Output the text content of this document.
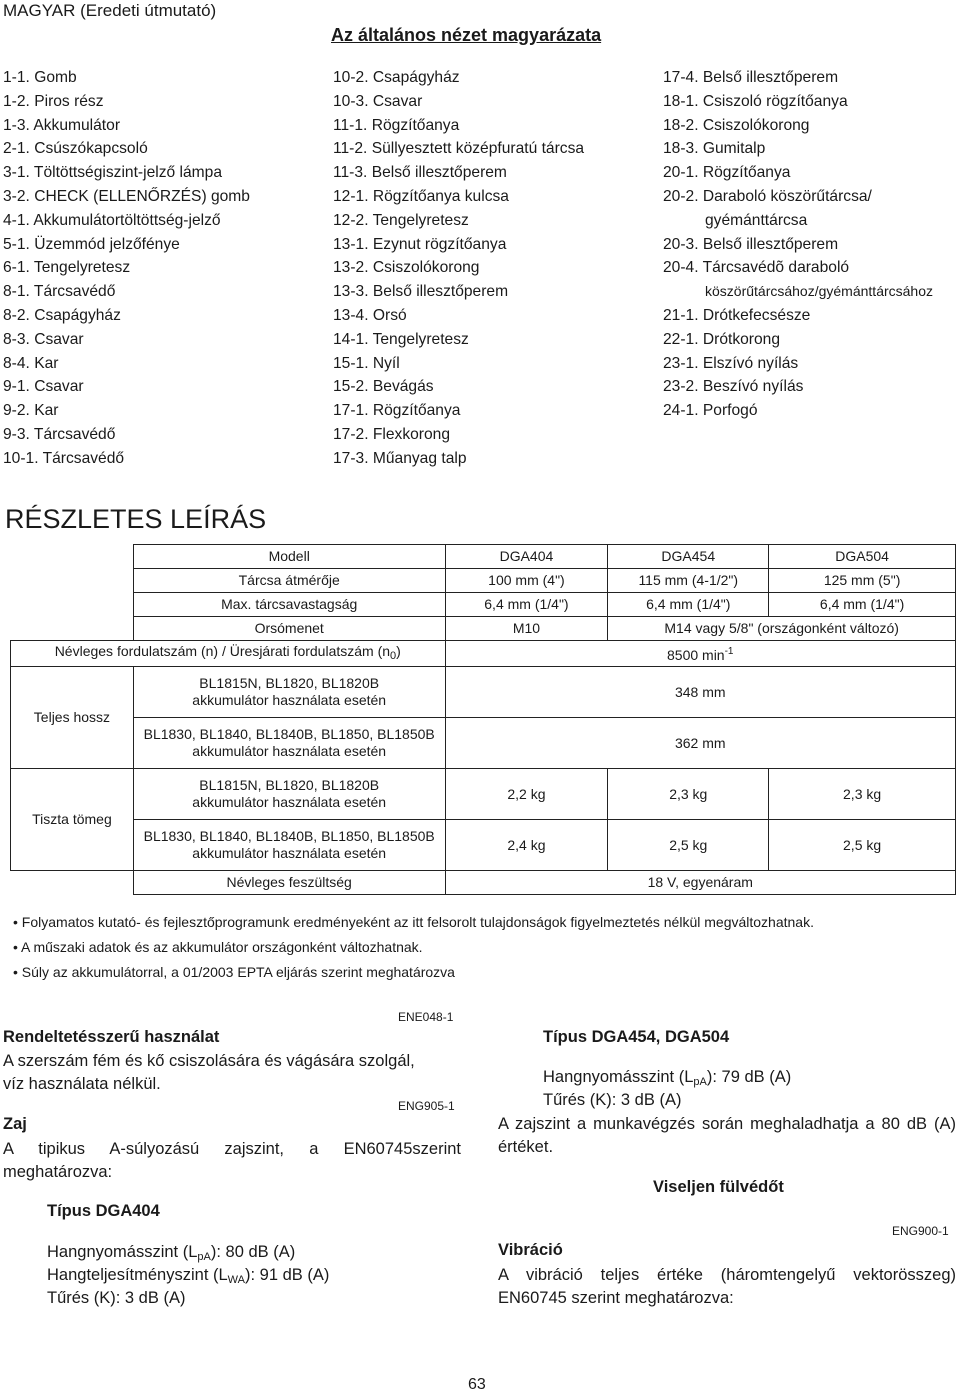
MAGYAR (Eredeti útmutató)
Az általános nézet magyarázata
1-1. Gomb
1-2. Piros rész
1-3. Akkumulátor
2-1. Csúszókapcsoló
3-1. Töltöttségiszint-jelző lámpa
3-2. CHECK (ELLENŐRZÉS) gomb
4-1. Akkumulátortöltöttség-jelző
5-1. Üzemmód jelzőfénye
6-1. Tengelyretesz
8-1. Tárcsavédő
8-2. Csapágyház
8-3. Csavar
8-4. Kar
9-1. Csavar
9-2. Kar
9-3. Tárcsavédő
10-1. Tárcsavédő
10-2. Csapágyház
10-3. Csavar
11-1. Rögzítőanya
11-2. Süllyesztett középfuratú tárcsa
11-3. Belső illesztőperem
12-1. Rögzítőanya kulcsa
12-2. Tengelyretesz
13-1. Ezynut rögzítőanya
13-2. Csiszolókorong
13-3. Belső illesztőperem
13-4. Orsó
14-1. Tengelyretesz
15-1. Nyíl
15-2. Bevágás
17-1. Rögzítőanya
17-2. Flexkorong
17-3. Műanyag talp
17-4. Belső illesztőperem
18-1. Csiszoló rögzítőanya
18-2. Csiszolókorong
18-3. Gumitalp
20-1. Rögzítőanya
20-2. Daraboló köszörűtárcsa/
gyémánttárcsa
20-3. Belső illesztőperem
20-4. Tárcsavédõ daraboló
köszörűtárcsához/gyémánttárcsához
21-1. Drótkefecsésze
22-1. Drótkorong
23-1. Elszívó nyílás
23-2. Beszívó nyílás
24-1. Porfogó
RÉSZLETES LEÍRÁS
	Modell	DGA404	DGA454	DGA504
	Tárcsa átmérője	100 mm (4")	115 mm (4-1/2")	125 mm (5")
	Max. tárcsavastagság	6,4 mm (1/4")	6,4 mm (1/4")	6,4 mm (1/4")
	Orsómenet	M10	M14 vagy 5/8" (országonként változó)	
Névleges fordulatszám (n) / Üresjárati fordulatszám $(n_0)$		8500 $\min^{-1}$
Teljes hossz	BL1815N, BL1820, BL1820B
akkumulátor használata esetén	348 mm		

	BL1830, BL1840, BL1840B, BL1850, BL1850B
akkumulátor használata esetén	362 mm		
Tiszta tömeg	BL1815N, BL1820, BL1820B
akkumulátor használata esetén	2,2 kg	2,3 kg	2,3 kg

	BL1830, BL1840, BL1840B, BL1850, BL1850B
akkumulátor használata esetén	2,4 kg	2,5 kg	2,5 kg
	Névleges feszültség	18 V, egyenáram		
• Folyamatos kutató- és fejlesztőprogramunk eredményeként az itt felsorolt tulajdonságok figyelmeztetés nélkül megváltozhatnak.
• A műszaki adatok és az akkumulátor országonként változhatnak.
• Súly az akkumulátorral, a 01/2003 EPTA eljárás szerint meghatározva
ENE048-1
Rendeltetésszerű használat
A szerszám fém és kő csiszolására és vágására szolgál,
víz használata nélkül.
ENG905-1
Zaj
A tipikus A-súlyozású zajszint, a EN60745szerint
meghatározva:
Típus DGA404
Hangnyomásszint $(L_{pA})$: 80 dB (A)
Hangteljesítményszint $(L_{WA})$: 91 dB (A)
Tűrés (K): 3 dB (A)
Típus DGA454, DGA504
Hangnyomásszint $(L_{pA})$: 79 dB (A)
Tűrés (K): 3 dB (A)
A zajszint a munkavégzés során meghaladhatja a 80 dB (A)
értéket.
Viseljen fülvédőt
ENG900-1
Vibráció
A vibráció teljes értéke (háromtengelyű vektorösszeg)
EN60745 szerint meghatározva:
63
